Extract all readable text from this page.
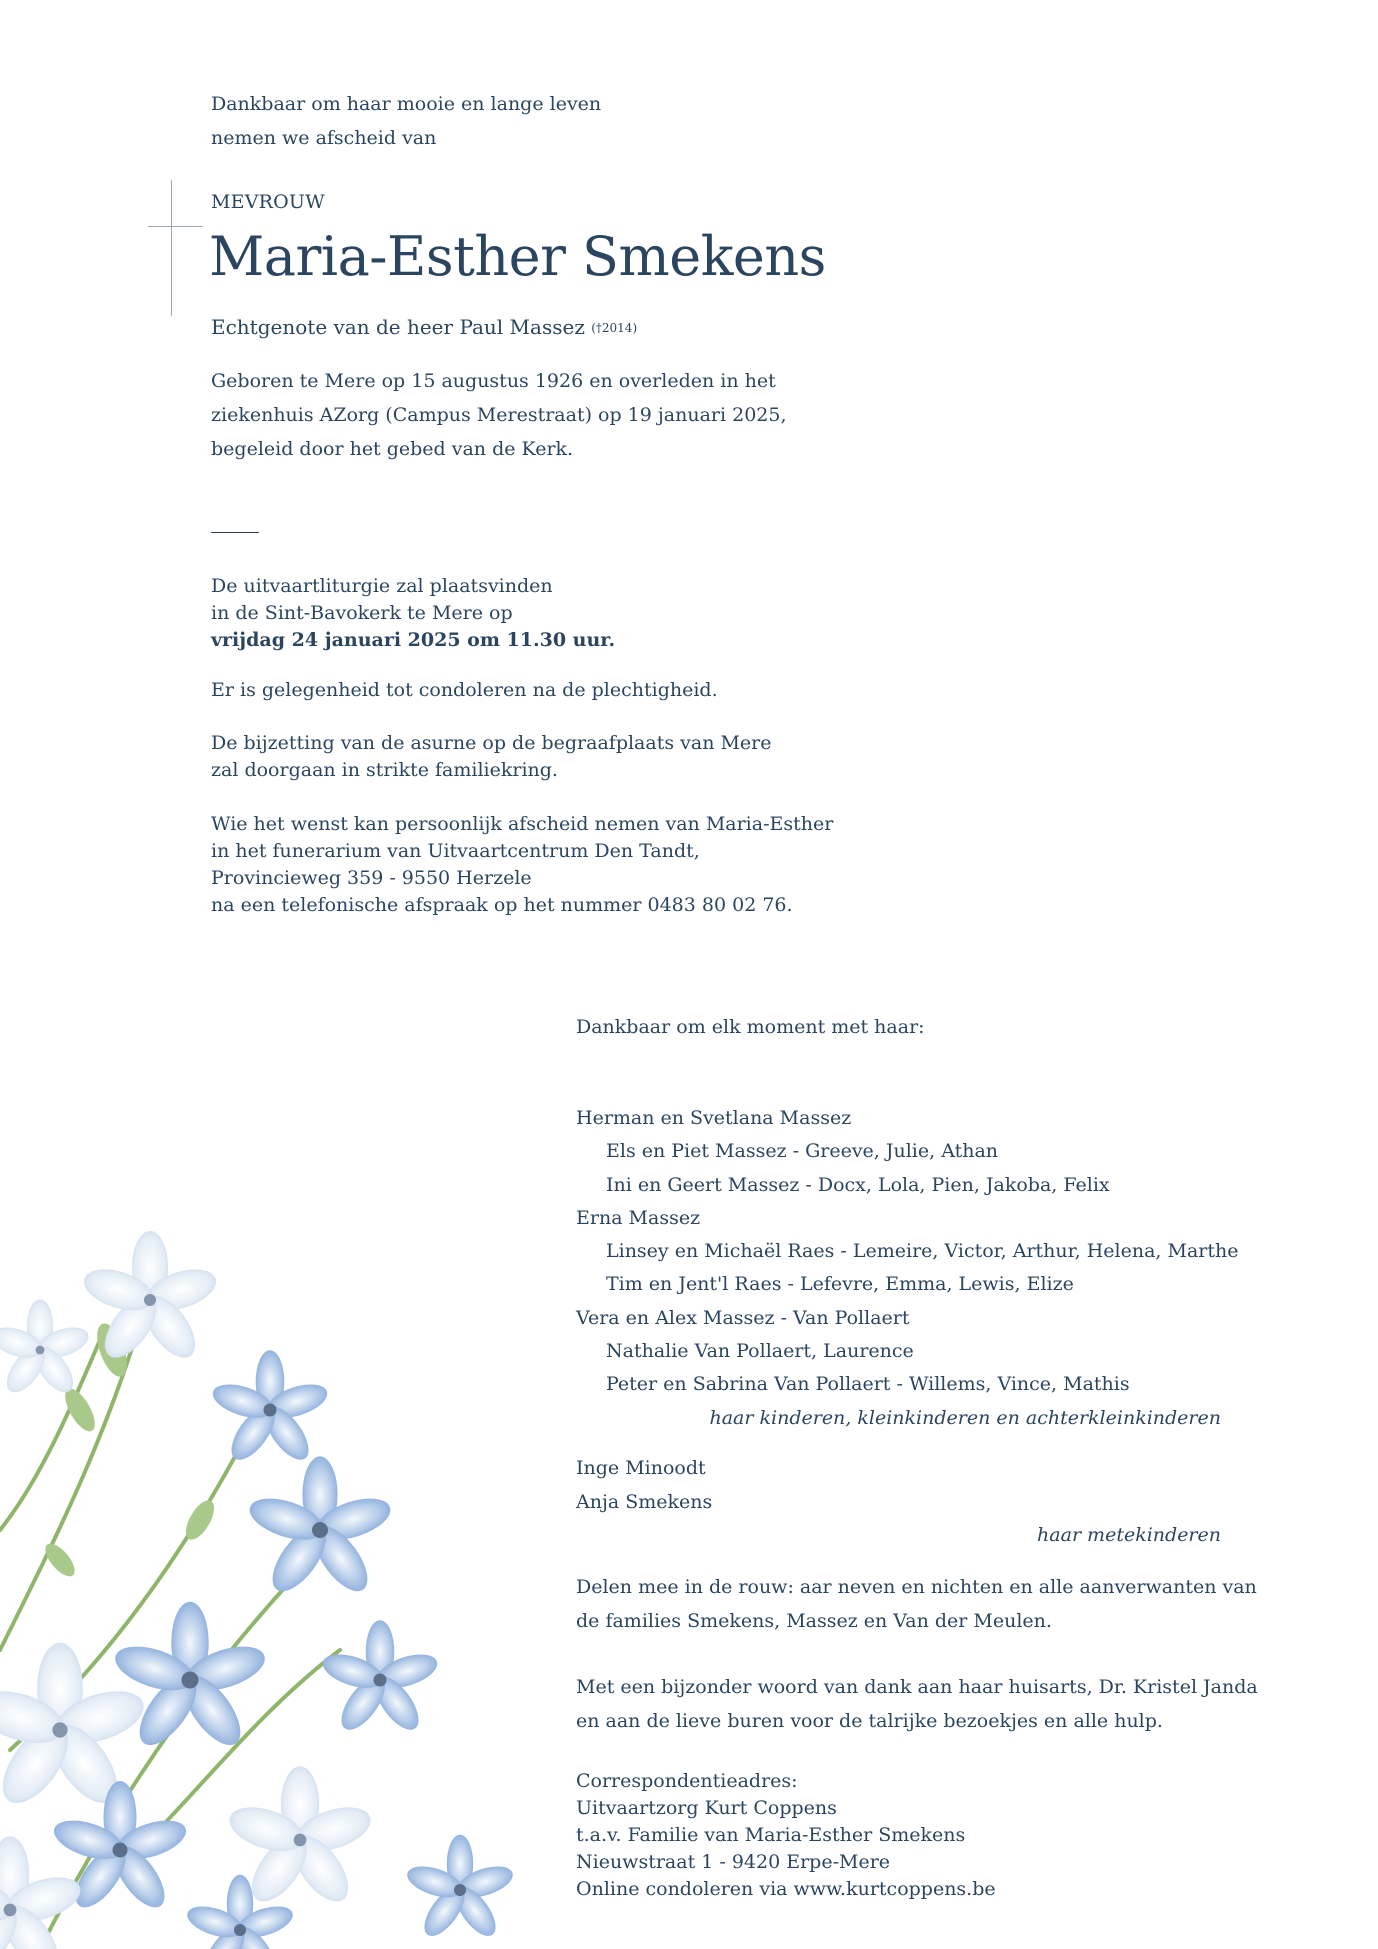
Dankbaar om haar mooie en lange leven
nemen we afscheid van
MEVROUW
Maria-Esther Smekens
Echtgenote van de heer Paul Massez (†2014)
Geboren te Mere op 15 augustus 1926 en overleden in het
ziekenhuis AZorg (Campus Merestraat) op 19 januari 2025,
begeleid door het gebed van de Kerk.
De uitvaartliturgie zal plaatsvinden
in de Sint-Bavokerk te Mere op
vrijdag 24 januari 2025 om 11.30 uur.
Er is gelegenheid tot condoleren na de plechtigheid.
De bijzetting van de asurne op de begraafplaats van Mere
zal doorgaan in strikte familiekring.
Wie het wenst kan persoonlijk afscheid nemen van Maria-Esther
in het funerarium van Uitvaartcentrum Den Tandt,
Provincieweg 359 - 9550 Herzele
na een telefonische afspraak op het nummer 0483 80 02 76.
Dankbaar om elk moment met haar:
Herman en Svetlana Massez
Els en Piet Massez - Greeve, Julie, Athan
Ini en Geert Massez - Docx, Lola, Pien, Jakoba, Felix
Erna Massez
Linsey en Michaël Raes - Lemeire, Victor, Arthur, Helena, Marthe
Tim en Jent'l Raes - Lefevre, Emma, Lewis, Elize
Vera en Alex Massez - Van Pollaert
Nathalie Van Pollaert, Laurence
Peter en Sabrina Van Pollaert - Willems, Vince, Mathis
haar kinderen, kleinkinderen en achterkleinkinderen
Inge Minoodt
Anja Smekens
haar metekinderen
Delen mee in de rouw: aar neven en nichten en alle aanverwanten van
de families Smekens, Massez en Van der Meulen.
Met een bijzonder woord van dank aan haar huisarts, Dr. Kristel Janda
en aan de lieve buren voor de talrijke bezoekjes en alle hulp.
Correspondentieadres:
Uitvaartzorg Kurt Coppens
t.a.v. Familie van Maria-Esther Smekens
Nieuwstraat 1 - 9420 Erpe-Mere
Online condoleren via www.kurtcoppens.be
